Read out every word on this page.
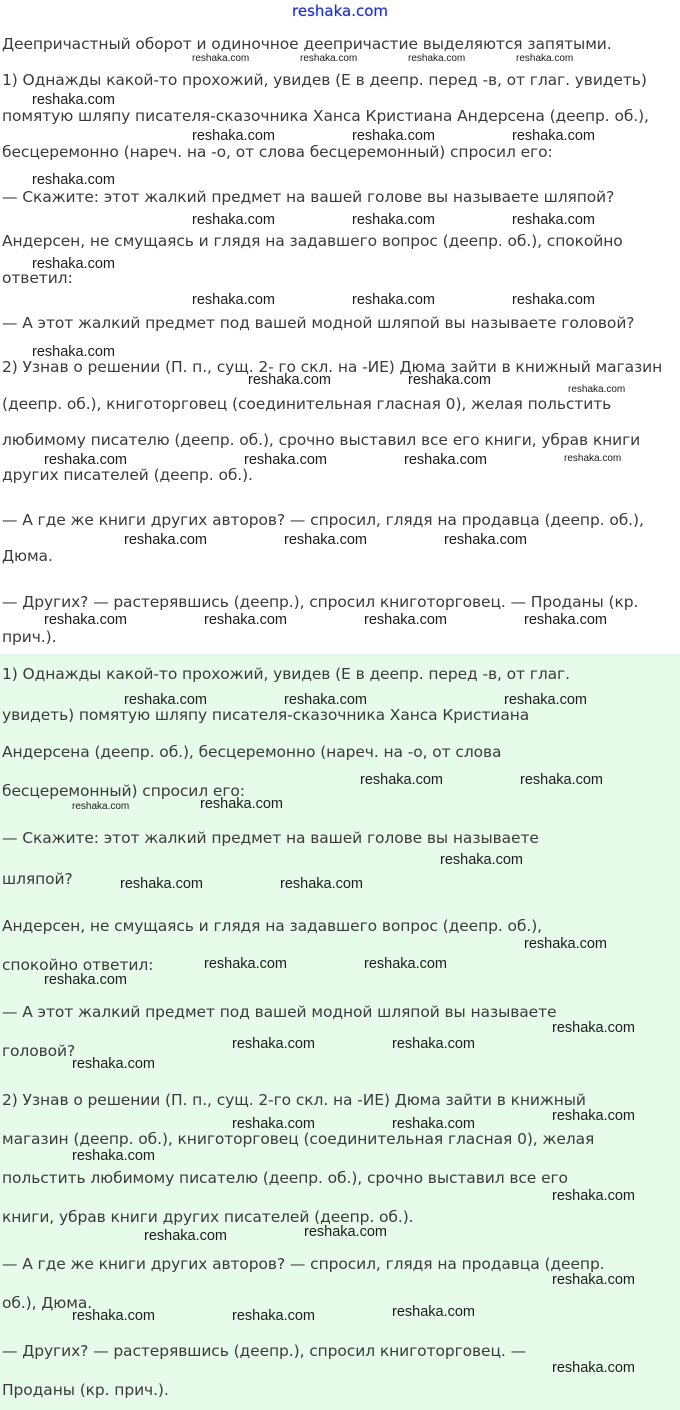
reshaka.com
Деепричастный оборот и одиночное деепричастие выделяются запятыми.
1) Однажды какой-то прохожий, увидев (Е в деепр. перед -в, от глаг. увидеть)
помятую шляпу писателя-сказочника Ханса Кристиана Андерсена (деепр. об.),
бесцеремонно (нареч. на -о, от слова бесцеремонный) спросил его:
— Скажите: этот жалкий предмет на вашей голове вы называете шляпой?
Андерсен, не смущаясь и глядя на задавшего вопрос (деепр. об.), спокойно
ответил:
— А этот жалкий предмет под вашей модной шляпой вы называете головой?
2) Узнав о решении (П. п., сущ. 2- го скл. на -ИЕ) Дюма зайти в книжный магазин
(деепр. об.), книготорговец (соединительная гласная 0), желая польстить
любимому писателю (деепр. об.), срочно выставил все его книги, убрав книги
других писателей (деепр. об.).
— А где же книги других авторов? — спросил, глядя на продавца (деепр. об.),
Дюма.
— Других? — растерявшись (деепр.), спросил книготорговец. — Проданы (кр.
прич.).
1) Однажды какой-то прохожий, увидев (Е в деепр. перед -в, от глаг.
увидеть) помятую шляпу писателя-сказочника Ханса Кристиана
Андерсена (деепр. об.), бесцеремонно (нареч. на -о, от слова
бесцеремонный) спросил его:
— Скажите: этот жалкий предмет на вашей голове вы называете
шляпой?
Андерсен, не смущаясь и глядя на задавшего вопрос (деепр. об.),
спокойно ответил:
— А этот жалкий предмет под вашей модной шляпой вы называете
головой?
2) Узнав о решении (П. п., сущ. 2-го скл. на -ИЕ) Дюма зайти в книжный
магазин (деепр. об.), книготорговец (соединительная гласная 0), желая
польстить любимому писателю (деепр. об.), срочно выставил все его
книги, убрав книги других писателей (деепр. об.).
— А где же книги других авторов? — спросил, глядя на продавца (деепр.
об.), Дюма.
— Других? — растерявшись (деепр.), спросил книготорговец. —
Проданы (кр. прич.).
reshaka.com	reshaka.com	reshaka.com	reshaka.com
reshaka.com
reshaka.com	reshaka.com	reshaka.com
reshaka.com
reshaka.com	reshaka.com	reshaka.com
reshaka.com
reshaka.com	reshaka.com	reshaka.com
reshaka.com
reshaka.com	reshaka.com
reshaka.com
reshaka.com	reshaka.com	reshaka.com	reshaka.com
reshaka.com	reshaka.com	reshaka.com
reshaka.com	reshaka.com	reshaka.com	reshaka.com
reshaka.com	reshaka.com	reshaka.com
reshaka.com	reshaka.com
reshaka.com	reshaka.com
reshaka.com
reshaka.com	reshaka.com
reshaka.com
reshaka.com	reshaka.com
reshaka.com
reshaka.com
reshaka.com	reshaka.com
reshaka.com
reshaka.com
reshaka.com	reshaka.com
reshaka.com
reshaka.com
reshaka.com
reshaka.com
reshaka.com
reshaka.com
reshaka.com	reshaka.com
reshaka.com
